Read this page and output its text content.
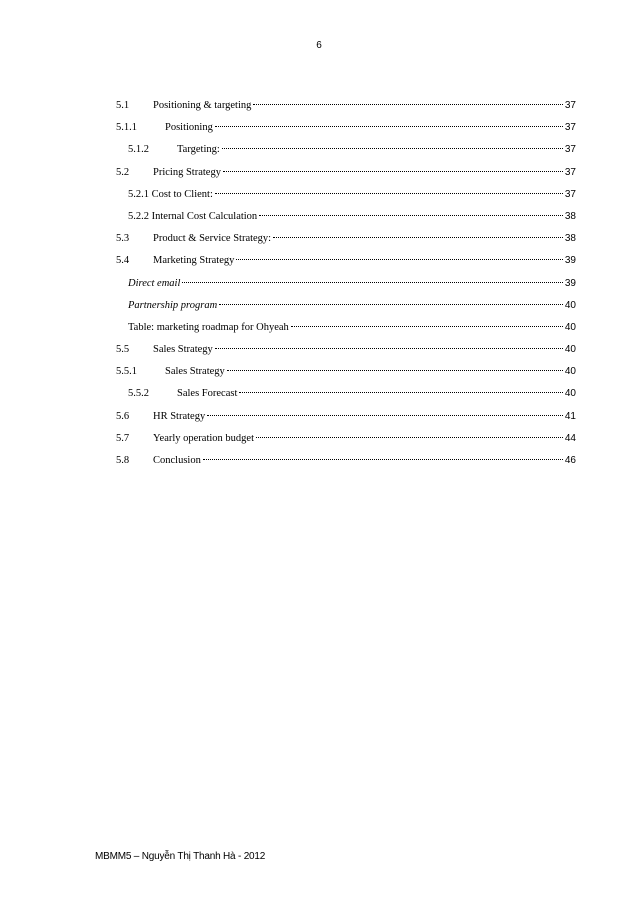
6
5.1	Positioning & targeting	37
5.1.1	Positioning	37
5.1.2	Targeting:	37
5.2	Pricing Strategy	37
5.2.1 Cost to Client:	37
5.2.2 Internal Cost Calculation	38
5.3	Product & Service Strategy:	38
5.4	Marketing Strategy	39
Direct email	39
Partnership program	40
Table: marketing roadmap for Ohyeah	40
5.5	Sales Strategy	40
5.5.1	Sales Strategy	40
5.5.2	Sales Forecast	40
5.6	HR Strategy	41
5.7	Yearly operation budget	44
5.8	Conclusion	46
MBMM5 – Nguyễn Thị Thanh Hà - 2012
